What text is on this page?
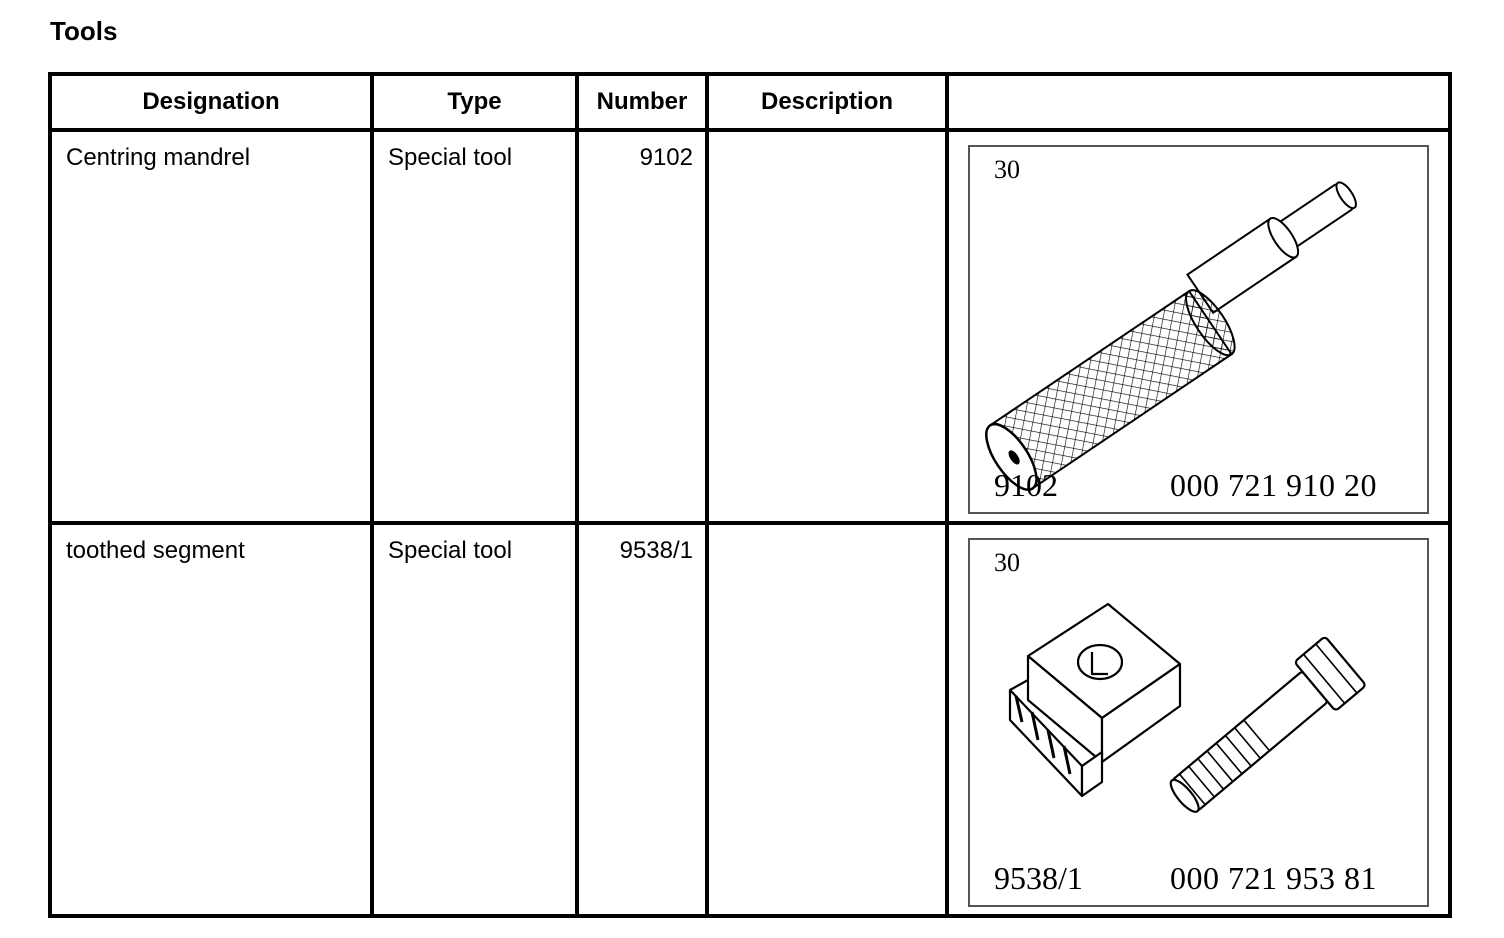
Tools
Designation	Type	Number	Description	

Centring mandrel	Special tool	9102		30
9102 000 721 910 20

toothed segment	Special tool	9538/1		30
9538/1 000 721 953 81
